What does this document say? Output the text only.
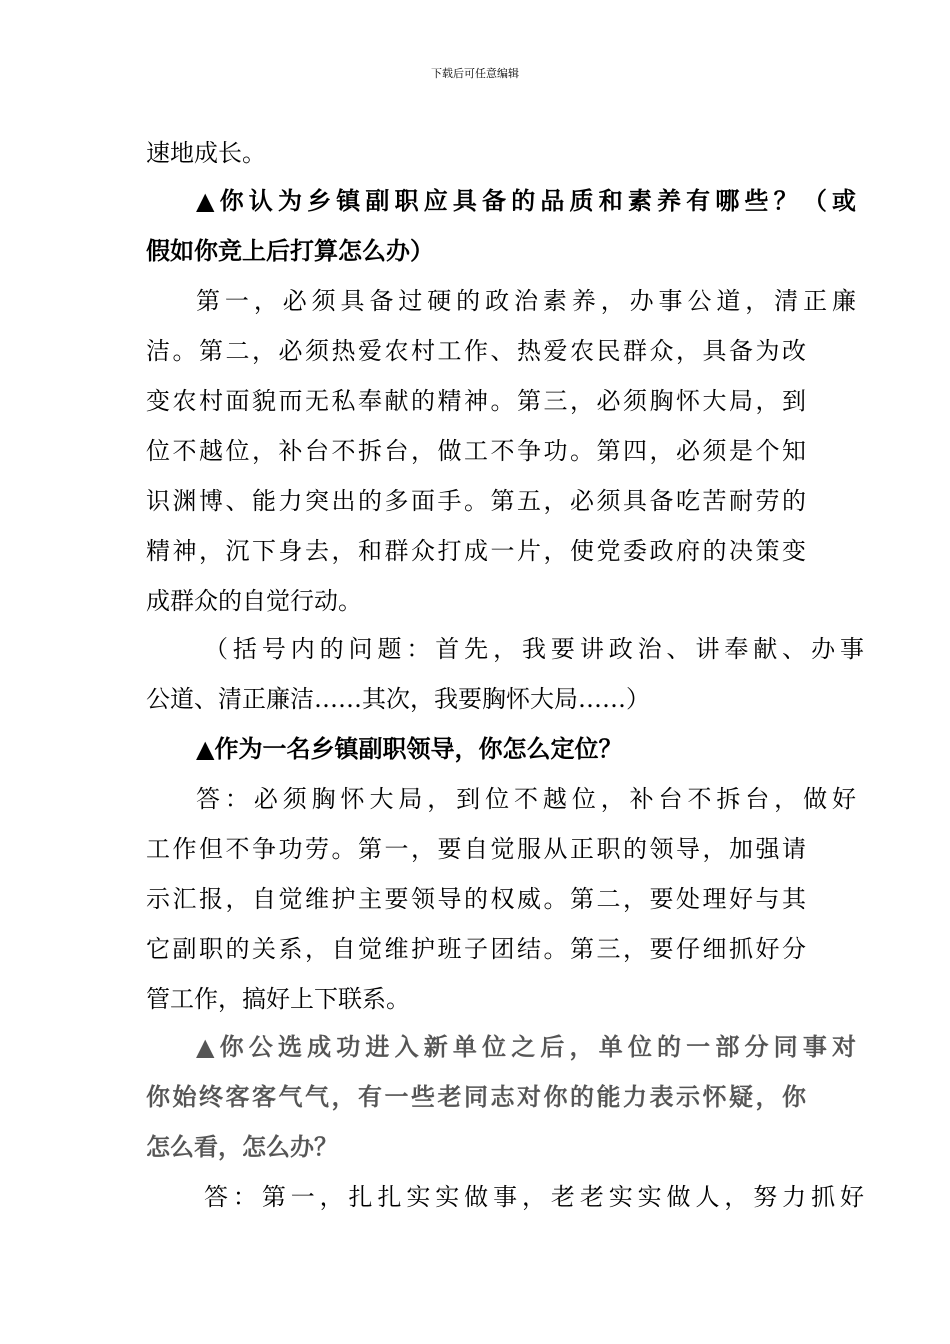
下载后可任意编辑
速地成长。
▲你认为乡镇副职应具备的品质和素养有哪些？（或
假如你竞上后打算怎么办）
第一，必须具备过硬的政治素养，办事公道，清正廉
洁。第二，必须热爱农村工作、热爱农民群众，具备为改
变农村面貌而无私奉献的精神。第三，必须胸怀大局，到
位不越位，补台不拆台，做工不争功。第四，必须是个知
识渊博、能力突出的多面手。第五，必须具备吃苦耐劳的
精神，沉下身去，和群众打成一片，使党委政府的决策变
成群众的自觉行动。
（括号内的问题：首先，我要讲政治、讲奉献、办事
公道、清正廉洁……其次，我要胸怀大局……）
▲作为一名乡镇副职领导，你怎么定位？
答：必须胸怀大局，到位不越位，补台不拆台，做好
工作但不争功劳。第一，要自觉服从正职的领导，加强请
示汇报，自觉维护主要领导的权威。第二，要处理好与其
它副职的关系，自觉维护班子团结。第三，要仔细抓好分
管工作，搞好上下联系。
▲你公选成功进入新单位之后，单位的一部分同事对
你始终客客气气，有一些老同志对你的能力表示怀疑，你
怎么看，怎么办？
答：第一，扎扎实实做事，老老实实做人，努力抓好
